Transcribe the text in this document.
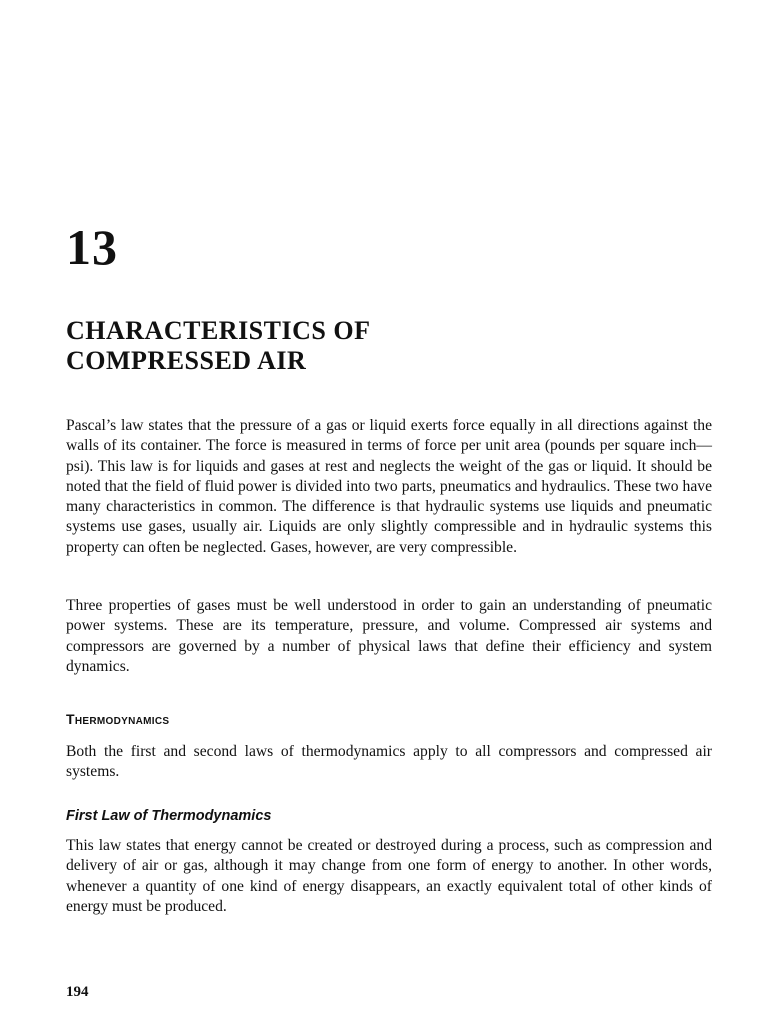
13
CHARACTERISTICS OF
COMPRESSED AIR

Pascal’s law states that the pressure of a gas or liquid exerts force equally in all directions against the walls of its container. The force is measured in terms of force per unit area (pounds per square inch—psi). This law is for liquids and gases at rest and neglects the weight of the gas or liquid. It should be noted that the field of fluid power is divided into two parts, pneumatics and hydraulics. These two have many characteristics in common. The difference is that hydraulic systems use liquids and pneumatic systems use gases, usually air. Liquids are only slightly compressible and in hydraulic systems this property can often be neglected. Gases, however, are very compressible.

Three properties of gases must be well understood in order to gain an understanding of pneumatic power systems. These are its temperature, pressure, and volume. Compressed air systems and compressors are governed by a number of physical laws that define their efficiency and system dynamics.

Thermodynamics

Both the first and second laws of thermodynamics apply to all compressors and compressed air systems.

First Law of Thermodynamics

This law states that energy cannot be created or destroyed during a process, such as compression and delivery of air or gas, although it may change from one form of energy to another. In other words, whenever a quantity of one kind of energy disappears, an exactly equivalent total of other kinds of energy must be produced.

194
